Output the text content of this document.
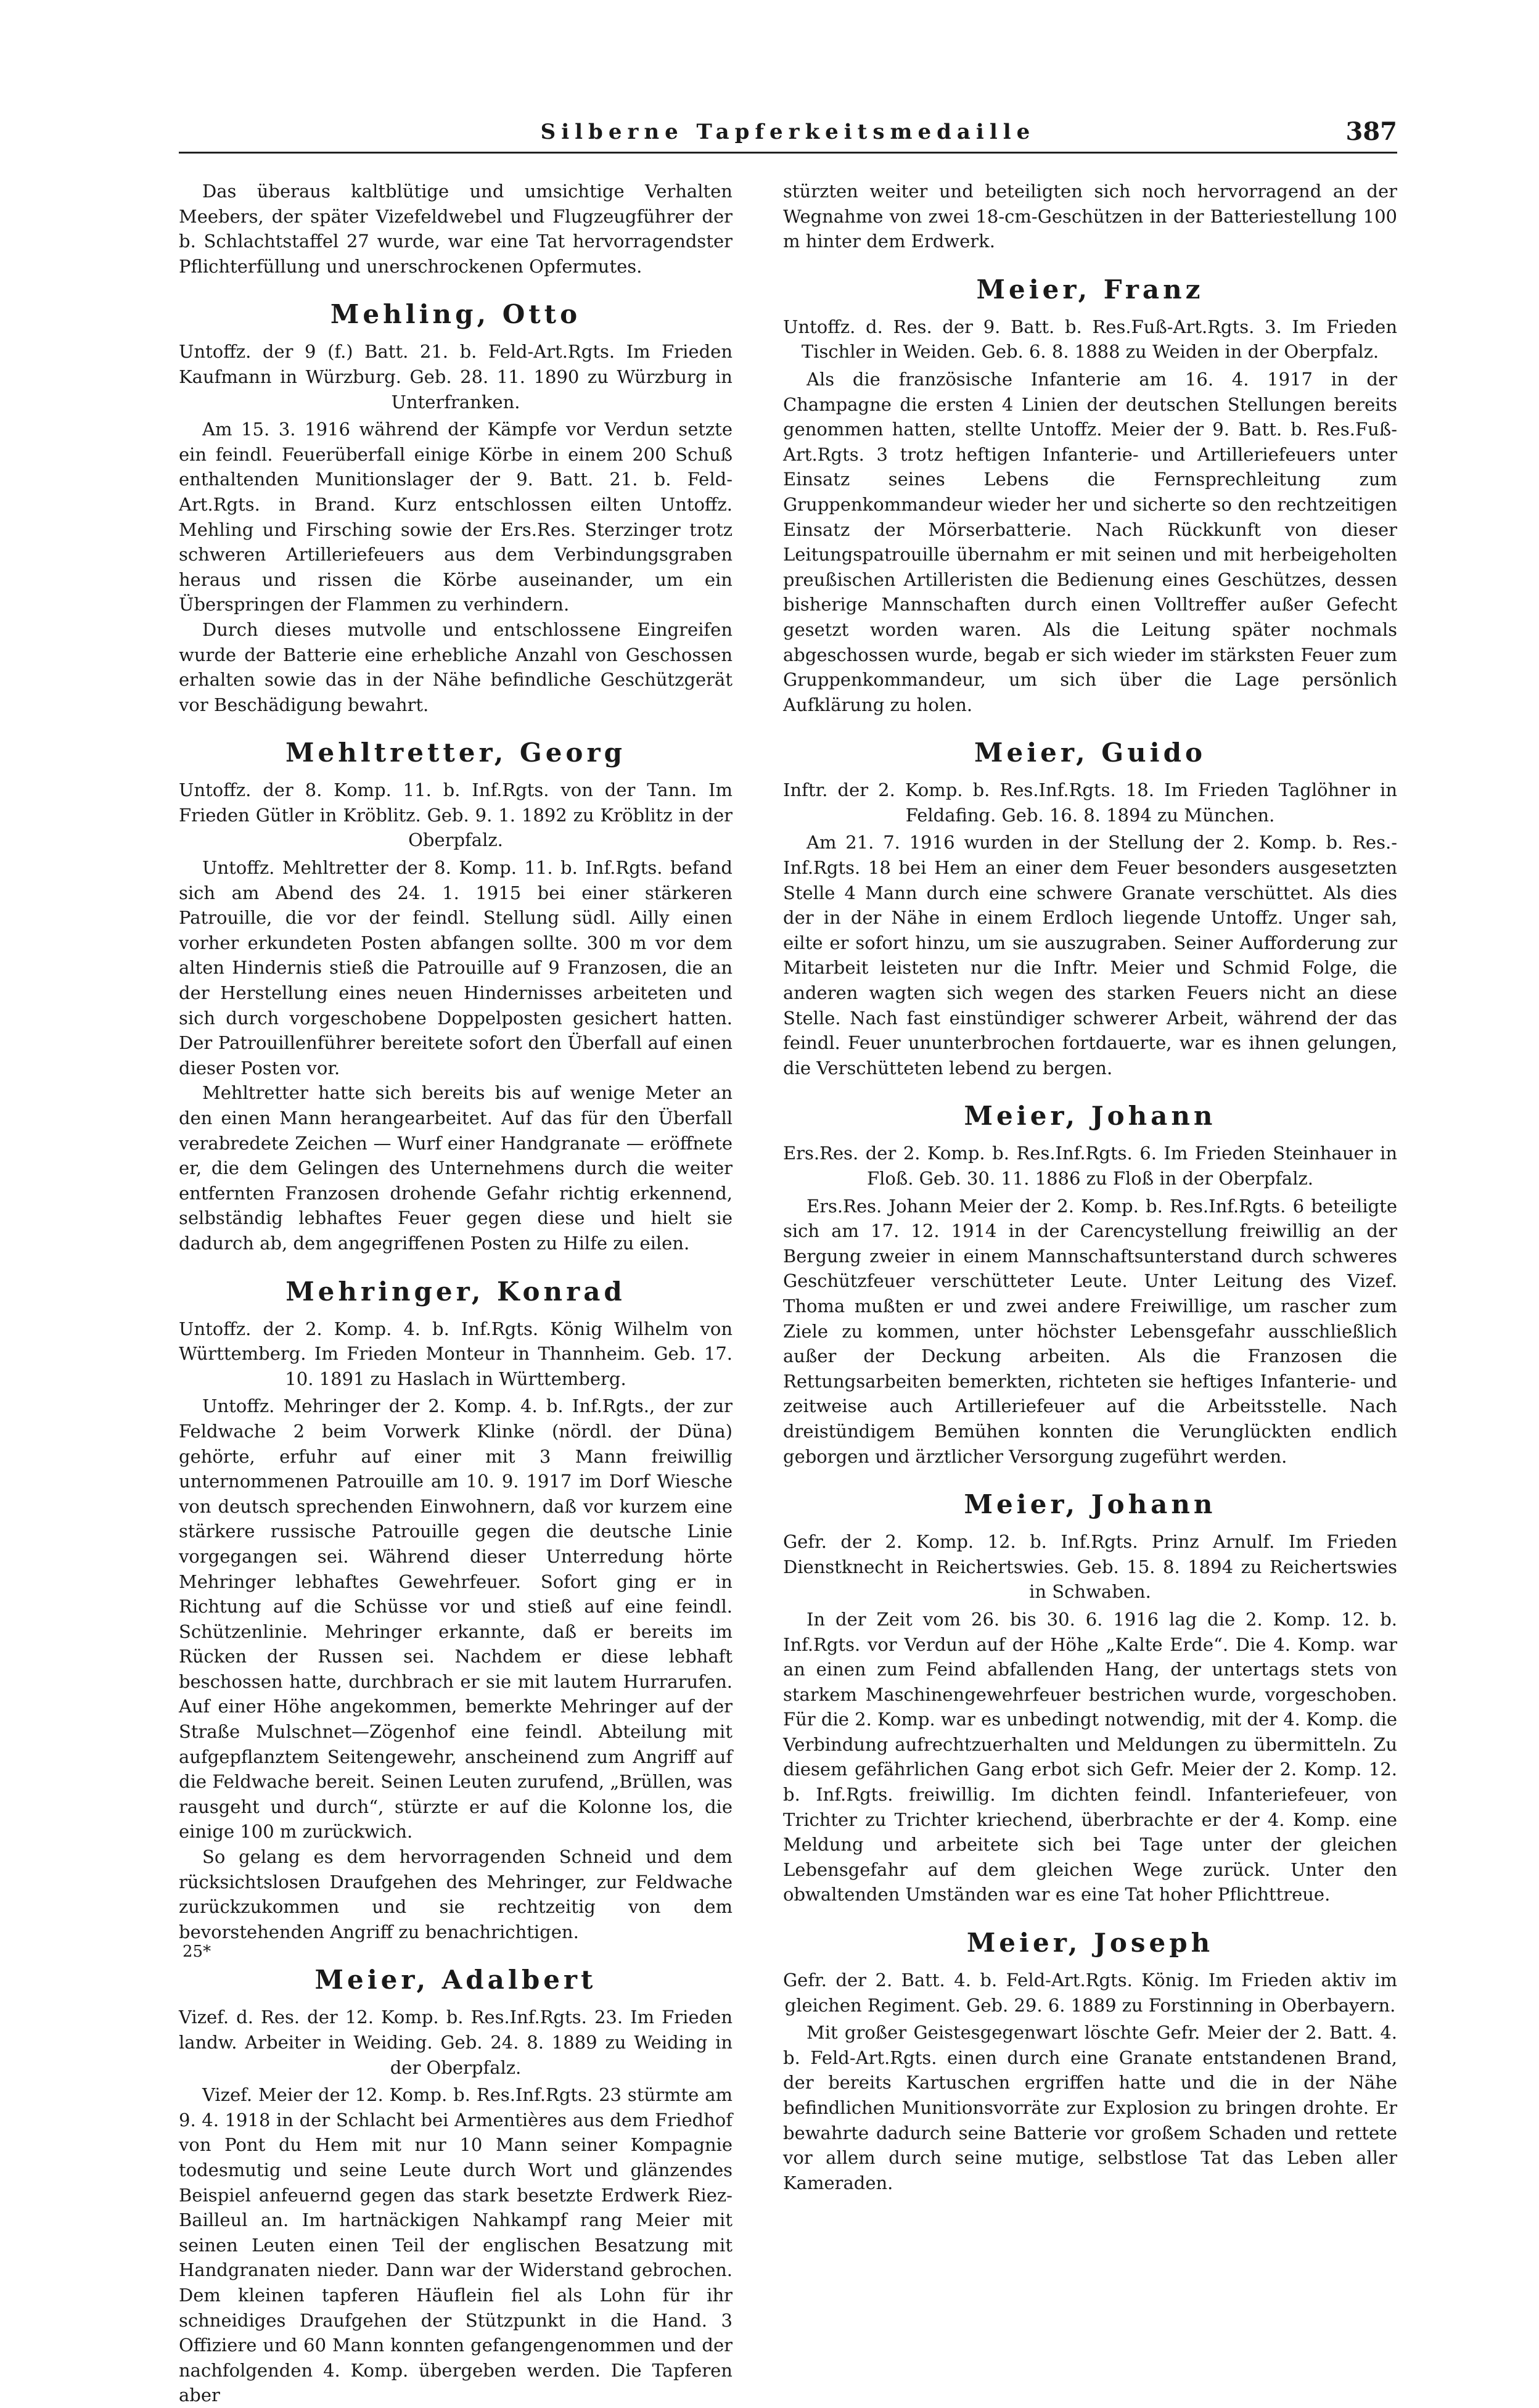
Silberne Tapferkeitsmedaille	387

Das überaus kaltblütige und umsichtige Verhalten Meebers, der später Vizefeldwebel und Flugzeugführer der b. Schlachtstaffel 27 wurde, war eine Tat hervorragendster Pflichterfüllung und unerschrockenen Opfermutes.

Mehling, Otto

Untoffz. der 9 (f.) Batt. 21. b. Feld-Art.Rgts. Im Frieden Kaufmann in Würzburg. Geb. 28. 11. 1890 zu Würzburg in Unterfranken.

Am 15. 3. 1916 während der Kämpfe vor Verdun setzte ein feindl. Feuerüberfall einige Körbe in einem 200 Schuß enthaltenden Munitionslager der 9. Batt. 21. b. Feld-Art.Rgts. in Brand. Kurz entschlossen eilten Untoffz. Mehling und Firsching sowie der Ers.Res. Sterzinger trotz schweren Artilleriefeuers aus dem Verbindungsgraben heraus und rissen die Körbe auseinander, um ein Überspringen der Flammen zu verhindern.

Durch dieses mutvolle und entschlossene Eingreifen wurde der Batterie eine erhebliche Anzahl von Geschossen erhalten sowie das in der Nähe befindliche Geschützgerät vor Beschädigung bewahrt.

Mehltretter, Georg

Untoffz. der 8. Komp. 11. b. Inf.Rgts. von der Tann. Im Frieden Gütler in Kröblitz. Geb. 9. 1. 1892 zu Kröblitz in der Oberpfalz.

Untoffz. Mehltretter der 8. Komp. 11. b. Inf.Rgts. befand sich am Abend des 24. 1. 1915 bei einer stärkeren Patrouille, die vor der feindl. Stellung südl. Ailly einen vorher erkundeten Posten abfangen sollte. 300 m vor dem alten Hindernis stieß die Patrouille auf 9 Franzosen, die an der Herstellung eines neuen Hindernisses arbeiteten und sich durch vorgeschobene Doppelposten gesichert hatten. Der Patrouillenführer bereitete sofort den Überfall auf einen dieser Posten vor.

Mehltretter hatte sich bereits bis auf wenige Meter an den einen Mann herangearbeitet. Auf das für den Überfall verabredete Zeichen — Wurf einer Handgranate — eröffnete er, die dem Gelingen des Unternehmens durch die weiter entfernten Franzosen drohende Gefahr richtig erkennend, selbständig lebhaftes Feuer gegen diese und hielt sie dadurch ab, dem angegriffenen Posten zu Hilfe zu eilen.

Mehringer, Konrad

Untoffz. der 2. Komp. 4. b. Inf.Rgts. König Wilhelm von Württemberg. Im Frieden Monteur in Thannheim. Geb. 17. 10. 1891 zu Haslach in Württemberg.

Untoffz. Mehringer der 2. Komp. 4. b. Inf.Rgts., der zur Feldwache 2 beim Vorwerk Klinke (nördl. der Düna) gehörte, erfuhr auf einer mit 3 Mann freiwillig unternommenen Patrouille am 10. 9. 1917 im Dorf Wiesche von deutsch sprechenden Einwohnern, daß vor kurzem eine stärkere russische Patrouille gegen die deutsche Linie vorgegangen sei. Während dieser Unterredung hörte Mehringer lebhaftes Gewehrfeuer. Sofort ging er in Richtung auf die Schüsse vor und stieß auf eine feindl. Schützenlinie. Mehringer erkannte, daß er bereits im Rücken der Russen sei. Nachdem er diese lebhaft beschossen hatte, durchbrach er sie mit lautem Hurrarufen. Auf einer Höhe angekommen, bemerkte Mehringer auf der Straße Mulschnet—Zögenhof eine feindl. Abteilung mit aufgepflanztem Seitengewehr, anscheinend zum Angriff auf die Feldwache bereit. Seinen Leuten zurufend, „Brüllen, was rausgeht und durch“, stürzte er auf die Kolonne los, die einige 100 m zurückwich.

So gelang es dem hervorragenden Schneid und dem rücksichtslosen Draufgehen des Mehringer, zur Feldwache zurückzukommen und sie rechtzeitig von dem bevorstehenden Angriff zu benachrichtigen.

Meier, Adalbert

Vizef. d. Res. der 12. Komp. b. Res.Inf.Rgts. 23. Im Frieden landw. Arbeiter in Weiding. Geb. 24. 8. 1889 zu Weiding in der Oberpfalz.

Vizef. Meier der 12. Komp. b. Res.Inf.Rgts. 23 stürmte am 9. 4. 1918 in der Schlacht bei Armentières aus dem Friedhof von Pont du Hem mit nur 10 Mann seiner Kompagnie todesmutig und seine Leute durch Wort und glänzendes Beispiel anfeuernd gegen das stark besetzte Erdwerk Riez-Bailleul an. Im hartnäckigen Nahkampf rang Meier mit seinen Leuten einen Teil der englischen Besatzung mit Handgranaten nieder. Dann war der Widerstand gebrochen. Dem kleinen tapferen Häuflein fiel als Lohn für ihr schneidiges Draufgehen der Stützpunkt in die Hand. 3 Offiziere und 60 Mann konnten gefangengenommen und der nachfolgenden 4. Komp. übergeben werden. Die Tapferen aber

stürzten weiter und beteiligten sich noch hervorragend an der Wegnahme von zwei 18-cm-Geschützen in der Batteriestellung 100 m hinter dem Erdwerk.

Meier, Franz

Untoffz. d. Res. der 9. Batt. b. Res.Fuß-Art.Rgts. 3. Im Frieden Tischler in Weiden. Geb. 6. 8. 1888 zu Weiden in der Oberpfalz.

Als die französische Infanterie am 16. 4. 1917 in der Champagne die ersten 4 Linien der deutschen Stellungen bereits genommen hatten, stellte Untoffz. Meier der 9. Batt. b. Res.Fuß-Art.Rgts. 3 trotz heftigen Infanterie- und Artilleriefeuers unter Einsatz seines Lebens die Fernsprechleitung zum Gruppenkommandeur wieder her und sicherte so den rechtzeitigen Einsatz der Mörserbatterie. Nach Rückkunft von dieser Leitungspatrouille übernahm er mit seinen und mit herbeigeholten preußischen Artilleristen die Bedienung eines Geschützes, dessen bisherige Mannschaften durch einen Volltreffer außer Gefecht gesetzt worden waren. Als die Leitung später nochmals abgeschossen wurde, begab er sich wieder im stärksten Feuer zum Gruppenkommandeur, um sich über die Lage persönlich Aufklärung zu holen.

Meier, Guido

Inftr. der 2. Komp. b. Res.Inf.Rgts. 18. Im Frieden Taglöhner in Feldafing. Geb. 16. 8. 1894 zu München.

Am 21. 7. 1916 wurden in der Stellung der 2. Komp. b. Res.-Inf.Rgts. 18 bei Hem an einer dem Feuer besonders ausgesetzten Stelle 4 Mann durch eine schwere Granate verschüttet. Als dies der in der Nähe in einem Erdloch liegende Untoffz. Unger sah, eilte er sofort hinzu, um sie auszugraben. Seiner Aufforderung zur Mitarbeit leisteten nur die Inftr. Meier und Schmid Folge, die anderen wagten sich wegen des starken Feuers nicht an diese Stelle. Nach fast einstündiger schwerer Arbeit, während der das feindl. Feuer ununterbrochen fortdauerte, war es ihnen gelungen, die Verschütteten lebend zu bergen.

Meier, Johann

Ers.Res. der 2. Komp. b. Res.Inf.Rgts. 6. Im Frieden Steinhauer in Floß. Geb. 30. 11. 1886 zu Floß in der Oberpfalz.

Ers.Res. Johann Meier der 2. Komp. b. Res.Inf.Rgts. 6 beteiligte sich am 17. 12. 1914 in der Carencystellung freiwillig an der Bergung zweier in einem Mannschaftsunterstand durch schweres Geschützfeuer verschütteter Leute. Unter Leitung des Vizef. Thoma mußten er und zwei andere Freiwillige, um rascher zum Ziele zu kommen, unter höchster Lebensgefahr ausschließlich außer der Deckung arbeiten. Als die Franzosen die Rettungsarbeiten bemerkten, richteten sie heftiges Infanterie- und zeitweise auch Artilleriefeuer auf die Arbeitsstelle. Nach dreistündigem Bemühen konnten die Verunglückten endlich geborgen und ärztlicher Versorgung zugeführt werden.

Meier, Johann

Gefr. der 2. Komp. 12. b. Inf.Rgts. Prinz Arnulf. Im Frieden Dienstknecht in Reichertswies. Geb. 15. 8. 1894 zu Reichertswies in Schwaben.

In der Zeit vom 26. bis 30. 6. 1916 lag die 2. Komp. 12. b. Inf.Rgts. vor Verdun auf der Höhe „Kalte Erde“. Die 4. Komp. war an einen zum Feind abfallenden Hang, der untertags stets von starkem Maschinengewehrfeuer bestrichen wurde, vorgeschoben. Für die 2. Komp. war es unbedingt notwendig, mit der 4. Komp. die Verbindung aufrechtzuerhalten und Meldungen zu übermitteln. Zu diesem gefährlichen Gang erbot sich Gefr. Meier der 2. Komp. 12. b. Inf.Rgts. freiwillig. Im dichten feindl. Infanteriefeuer, von Trichter zu Trichter kriechend, überbrachte er der 4. Komp. eine Meldung und arbeitete sich bei Tage unter der gleichen Lebensgefahr auf dem gleichen Wege zurück. Unter den obwaltenden Umständen war es eine Tat hoher Pflichttreue.

Meier, Joseph

Gefr. der 2. Batt. 4. b. Feld-Art.Rgts. König. Im Frieden aktiv im gleichen Regiment. Geb. 29. 6. 1889 zu Forstinning in Oberbayern.

Mit großer Geistesgegenwart löschte Gefr. Meier der 2. Batt. 4. b. Feld-Art.Rgts. einen durch eine Granate entstandenen Brand, der bereits Kartuschen ergriffen hatte und die in der Nähe befindlichen Munitionsvorräte zur Explosion zu bringen drohte. Er bewahrte dadurch seine Batterie vor großem Schaden und rettete vor allem durch seine mutige, selbstlose Tat das Leben aller Kameraden.

25*
